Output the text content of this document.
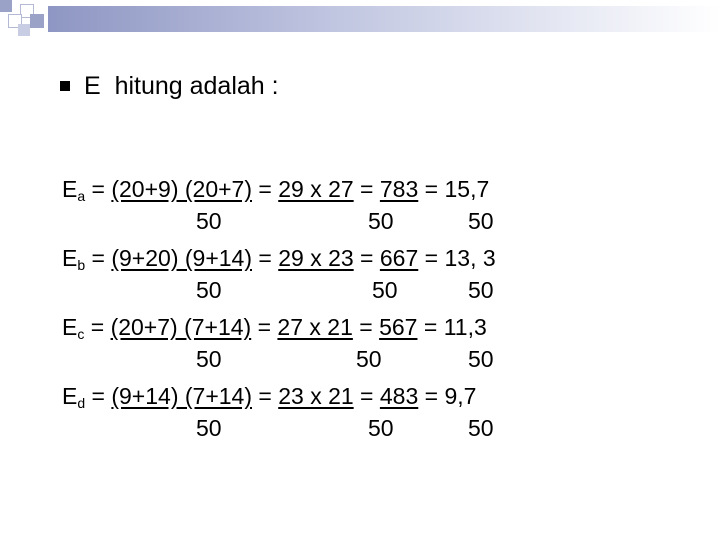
E  hitung adalah :
$E_a = (20+9) (20+7) = 29$ x 27 = 783 = 15,7
50	50	50
$E_b = (9+20) (9+14) = 29$ x 23 = 667 = 13, 3
50	50	50
$E_c = (20+7) (7+14) = 27$ x 21 = 567 = 11,3
50	50	50
$E_d = (9+14) (7+14) = 23$ x 21 = 483 = 9,7
50	50	50
